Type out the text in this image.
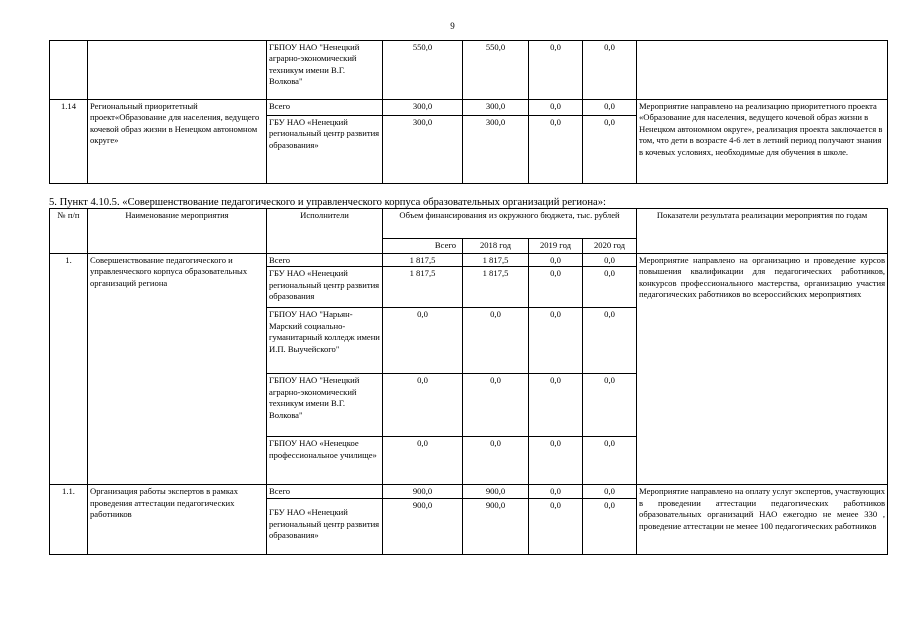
9
		ГБПОУ НАО "Ненецкий аграрно-экономический техникум имени В.Г. Волкова"	550,0	550,0	0,0	0,0	
1.14	Региональный приоритетный проект«Образование для населения, ведущего кочевой образ жизни в Ненецком автономном округе»	Всего	300,0	300,0	0,0	0,0	Мероприятие направлено на реализацию приоритетного проекта «Образование для населения, ведущего кочевой образ жизни в Ненецком автономном округе», реализация проекта заключается в том, что дети в возрасте 4-6 лет в летний период получают знания в кочевых условиях, необходимые для обучения в школе.
		ГБУ НАО «Ненецкий региональный центр развития образования»	300,0	300,0	0,0	0,0	
5. Пункт 4.10.5. «Совершенствование педагогического и управленческого корпуса образовательных организаций региона»:
№ п/п	Наименование мероприятия	Исполнители	Объем финансирования из окружного бюджета, тыс. рублей				Показатели результата реализации мероприятия по годам
			Всего	2018 год	2019 год	2020 год	
1.	Совершенствование педагогического и управленческого корпуса образовательных организаций региона	Всего	1 817,5	1 817,5	0,0	0,0	Мероприятие направлено на организацию и проведение курсов повышения квалификации для педагогических работников, конкурсов профессионального мастерства, организацию участия педагогических работников во всероссийских мероприятиях
		ГБУ НАО «Ненецкий региональный центр развития образования	1 817,5	1 817,5	0,0	0,0	
		ГБПОУ НАО "Нарьян-Марский социально-гуманитарный колледж имени И.П. Выучейского"	0,0	0,0	0,0	0,0	
		ГБПОУ НАО "Ненецкий аграрно-экономический техникум имени В.Г. Волкова"	0,0	0,0	0,0	0,0	
		ГБПОУ НАО «Ненецкое профессиональное училище»	0,0	0,0	0,0	0,0	
1.1.	Организация работы экспертов в рамках проведения аттестации педагогических работников	Всего	900,0	900,0	0,0	0,0	Мероприятие направлено на оплату услуг экспертов, участвующих в проведении аттестации педагогических работников образовательных организаций НАО ежегодно не менее 330 , проведение аттестации не менее 100 педагогических работников
		ГБУ НАО «Ненецкий региональный центр развития образования»	900,0	900,0	0,0	0,0	
